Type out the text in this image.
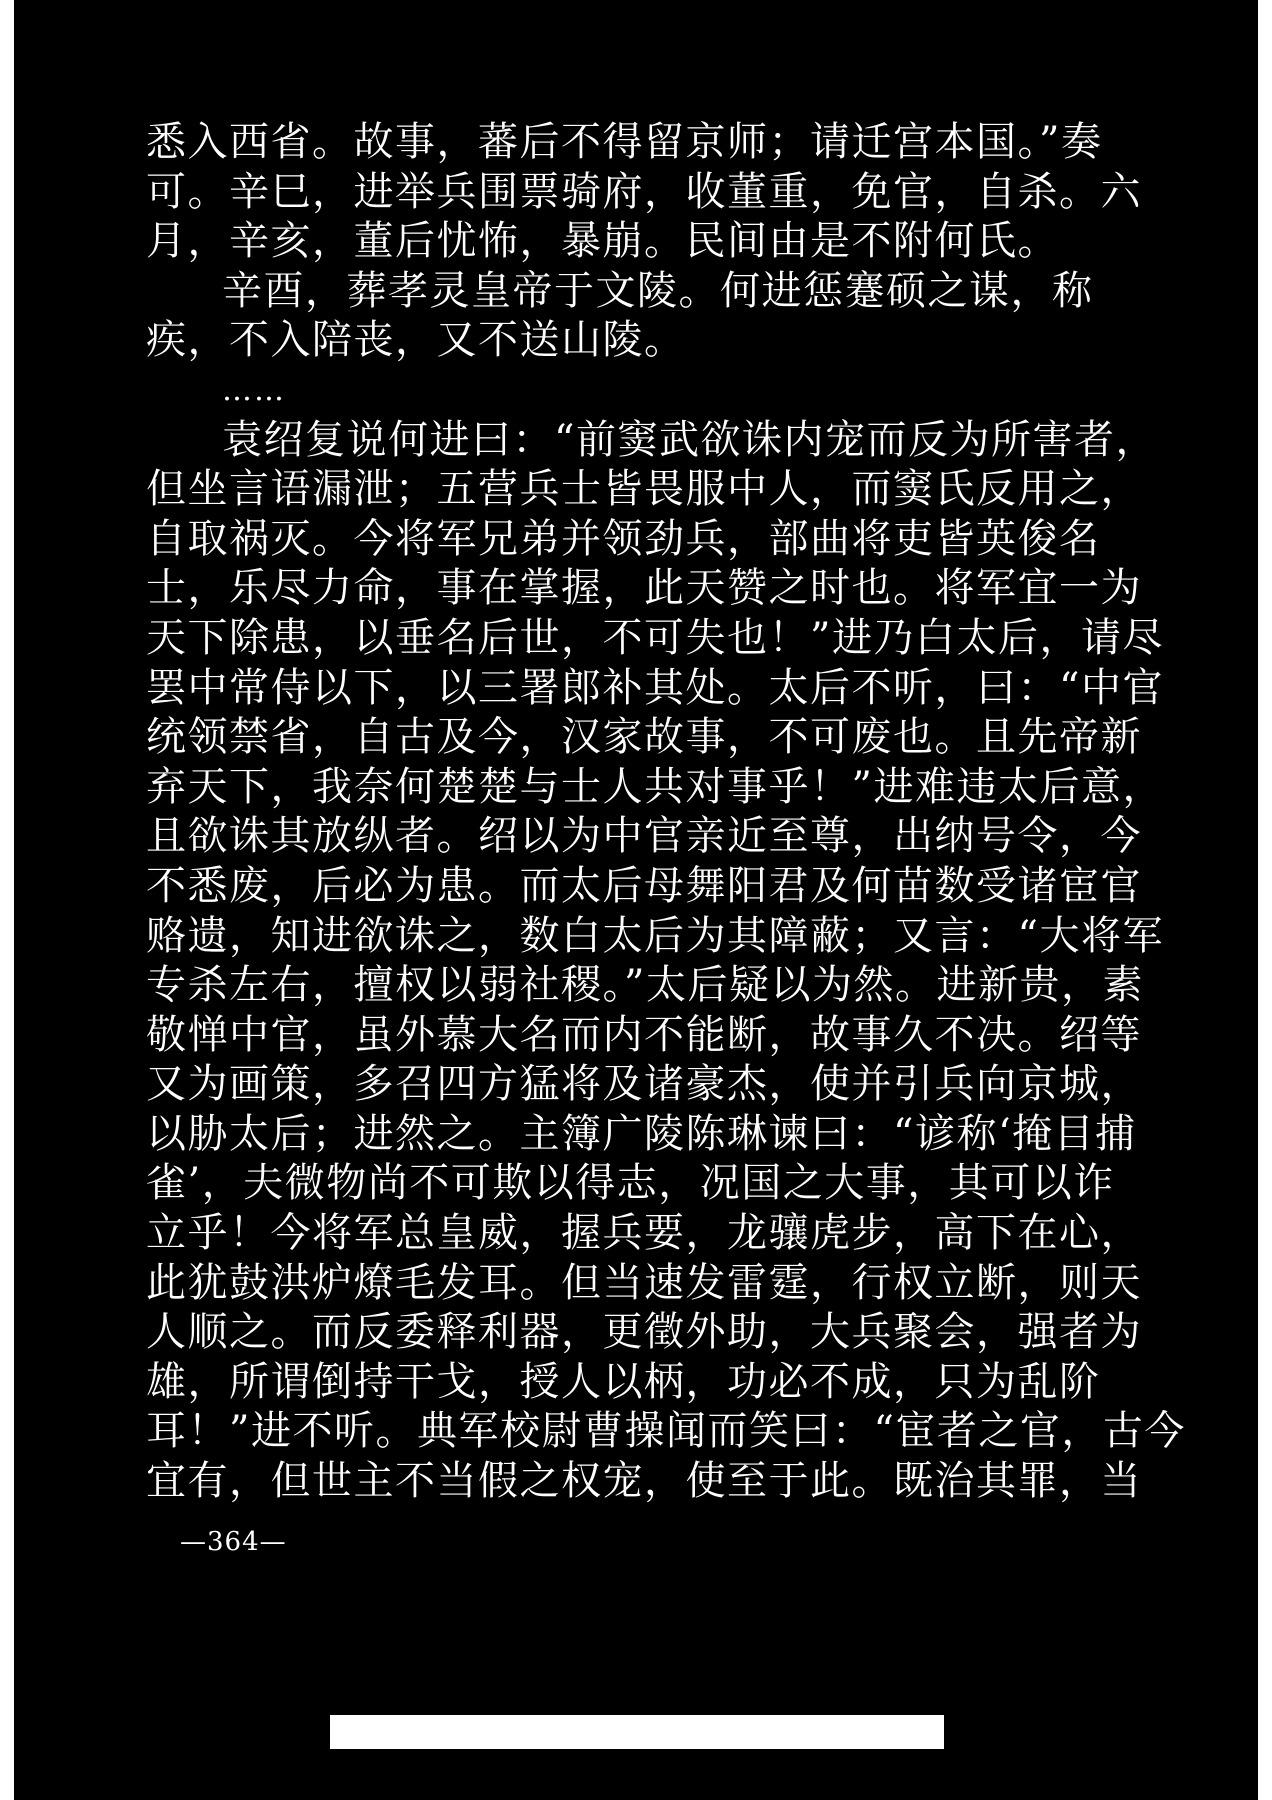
悉入西省。故事，蕃后不得留京师；请迁宫本国。”奏
可。辛巳，进举兵围票骑府，收董重，免官，自杀。六
月，辛亥，董后忧怖，暴崩。民间由是不附何氏。
辛酉，葬孝灵皇帝于文陵。何进惩蹇硕之谋，称
疾，不入陪丧，又不送山陵。
……
袁绍复说何进曰：“前窦武欲诛内宠而反为所害者，
但坐言语漏泄；五营兵士皆畏服中人，而窦氏反用之，
自取祸灭。今将军兄弟并领劲兵，部曲将吏皆英俊名
士，乐尽力命，事在掌握，此天赞之时也。将军宜一为
天下除患，以垂名后世，不可失也！”进乃白太后，请尽
罢中常侍以下，以三署郎补其处。太后不听，曰：“中官
统领禁省，自古及今，汉家故事，不可废也。且先帝新
弃天下，我奈何楚楚与士人共对事乎！”进难违太后意，
且欲诛其放纵者。绍以为中官亲近至尊，出纳号令，今
不悉废，后必为患。而太后母舞阳君及何苗数受诸宦官
赂遗，知进欲诛之，数白太后为其障蔽；又言：“大将军
专杀左右，擅权以弱社稷。”太后疑以为然。进新贵，素
敬惮中官，虽外慕大名而内不能断，故事久不决。绍等
又为画策，多召四方猛将及诸豪杰，使并引兵向京城，
以胁太后；进然之。主簿广陵陈琳谏曰：“谚称‘掩目捕
雀’，夫微物尚不可欺以得志，况国之大事，其可以诈
立乎！今将军总皇威，握兵要，龙骧虎步，高下在心，
此犹鼓洪炉燎毛发耳。但当速发雷霆，行权立断，则天
人顺之。而反委释利器，更徵外助，大兵聚会，强者为
雄，所谓倒持干戈，授人以柄，功必不成，只为乱阶
耳！”进不听。典军校尉曹操闻而笑曰：“宦者之官，古今
宜有，但世主不当假之权宠，使至于此。既治其罪，当
—364—
